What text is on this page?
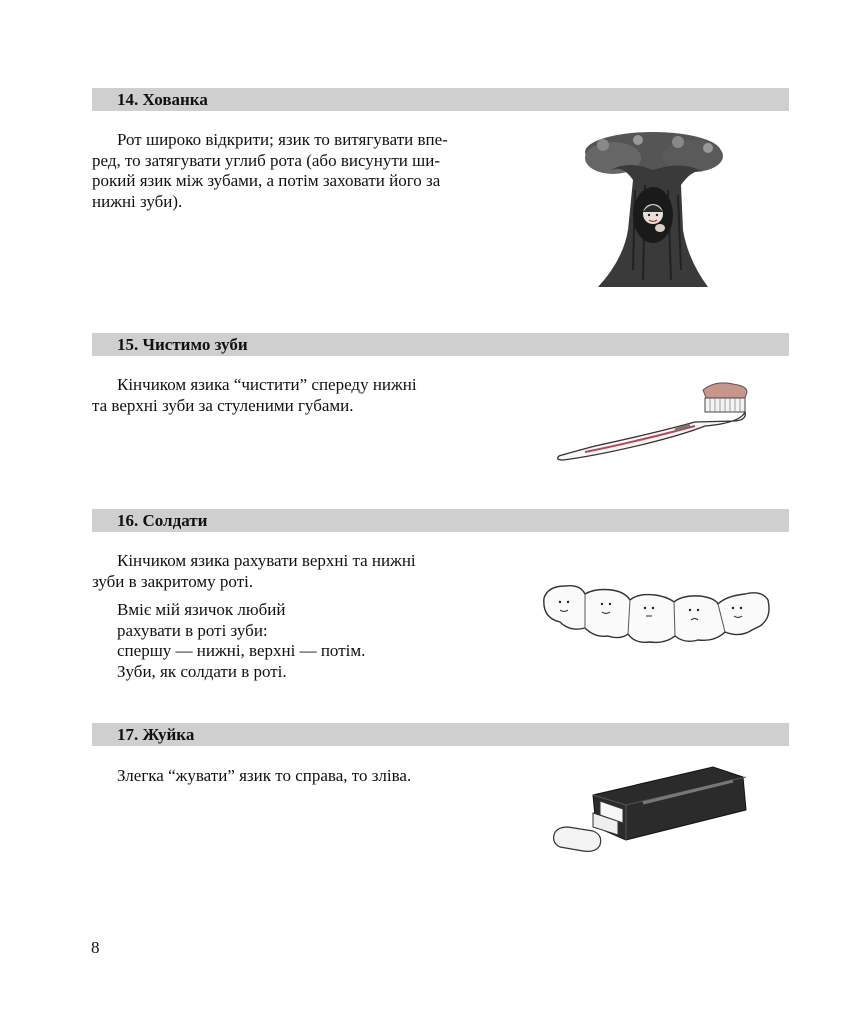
14. Хованка
Рот широко відкрити; язик то витягувати впе-
ред, то затягувати углиб рота (або висунути ши-
рокий язик між зубами, а потім заховати його за
нижні зуби).
15. Чистимо зуби
Кінчиком язика “чистити” спереду нижні
та верхні зуби за стуленими губами.
16. Солдати
Кінчиком язика рахувати верхні та нижні
зуби в закритому роті.
Вміє мій язичок любий
рахувати в роті зуби:
спершу — нижні, верхні — потім.
Зуби, як солдати в роті.
17. Жуйка
Злегка “жувати” язик то справа, то зліва.
8
